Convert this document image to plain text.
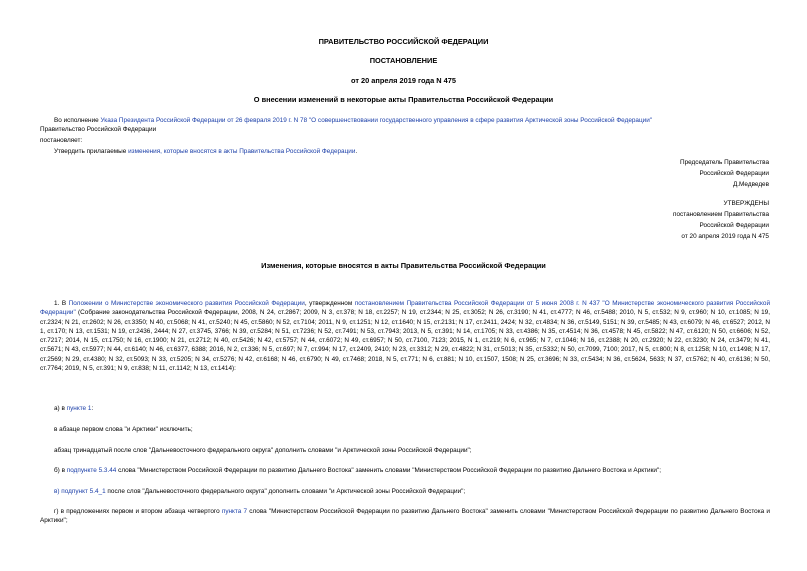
ПРАВИТЕЛЬСТВО РОССИЙСКОЙ ФЕДЕРАЦИИ
ПОСТАНОВЛЕНИЕ
от 20 апреля 2019 года N 475
О внесении изменений в некоторые акты Правительства Российской Федерации
Во исполнение Указа Президента Российской Федерации от 26 февраля 2019 г. N 78 "О совершенствовании государственного управления в сфере развития Арктической зоны Российской Федерации"
Правительство Российской Федерации
постановляет:
Утвердить прилагаемые изменения, которые вносятся в акты Правительства Российской Федерации.
Председатель Правительства
Российской Федерации
Д.Медведев
УТВЕРЖДЕНЫ
постановлением Правительства
Российской Федерации
от 20 апреля 2019 года N 475
Изменения, которые вносятся в акты Правительства Российской Федерации
1. В Положении о Министерстве экономического развития Российской Федерации, утвержденном постановлением Правительства Российской Федерации от 5 июня 2008 г. N 437 "О Министерстве экономического развития Российской Федерации" (Собрание законодательства Российской Федерации, 2008, N 24, ст.2867; 2009, N 3, ст.378; N 18, ст.2257; N 19, ст.2344; N 25, ст.3052; N 26, ст.3190; N 41, ст.4777; N 46, ст.5488; 2010, N 5, ст.532; N 9, ст.960; N 10, ст.1085; N 19, ст.2324; N 21, ст.2602; N 26, ст.3350; N 40, ст.5068; N 41, ст.5240; N 45, ст.5860; N 52, ст.7104; 2011, N 9, ст.1251; N 12, ст.1640; N 15, ст.2131; N 17, ст.2411, 2424; N 32, ст.4834; N 36, ст.5149, 5151; N 39, ст.5485; N 43, ст.6079; N 46, ст.6527; 2012, N 1, ст.170; N 13, ст.1531; N 19, ст.2436, 2444; N 27, ст.3745, 3766; N 39, ст.5284; N 51, ст.7236; N 52, ст.7491; N 53, ст.7943; 2013, N 5, ст.391; N 14, ст.1705; N 33, ст.4386; N 35, ст.4514; N 36, ст.4578; N 45, ст.5822; N 47, ст.6120; N 50, ст.6606; N 52, ст.7217; 2014, N 15, ст.1750; N 16, ст.1900; N 21, ст.2712; N 40, ст.5426; N 42, ст.5757; N 44, ст.6072; N 49, ст.6957; N 50, ст.7100, 7123; 2015, N 1, ст.219; N 6, ст.965; N 7, ст.1046; N 16, ст.2388; N 20, ст.2920; N 22, ст.3230; N 24, ст.3479; N 41, ст.5671; N 43, ст.5977; N 44, ст.6140; N 46, ст.6377, 6388; 2016, N 2, ст.336; N 5, ст.697; N 7, ст.994; N 17, ст.2409, 2410; N 23, ст.3312; N 29, ст.4822; N 31, ст.5013; N 35, ст.5332; N 50, ст.7099, 7100; 2017, N 5, ст.800; N 8, ст.1258; N 10, ст.1498; N 17, ст.2569; N 29, ст.4380; N 32, ст.5093; N 33, ст.5205; N 34, ст.5276; N 42, ст.6168; N 46, ст.6790; N 49, ст.7468; 2018, N 5, ст.771; N 6, ст.881; N 10, ст.1507, 1508; N 25, ст.3696; N 33, ст.5434; N 36, ст.5624, 5633; N 37, ст.5762; N 40, ст.6136; N 50, ст.7764; 2019, N 5, ст.391; N 9, ст.838; N 11, ст.1142; N 13, ст.1414):
а) в пункте 1:
в абзаце первом слова "и Арктики" исключить;
абзац тринадцатый после слов "Дальневосточного федерального округа" дополнить словами "и Арктической зоны Российской Федерации";
б) в подпункте 5.3.44 слова "Министерством Российской Федерации по развитию Дальнего Востока" заменить словами "Министерством Российской Федерации по развитию Дальнего Востока и Арктики";
в) подпункт 5.4_1 после слов "Дальневосточного федерального округа" дополнить словами "и Арктической зоны Российской Федерации";
г) в предложениях первом и втором абзаца четвертого пункта 7 слова "Министерством Российской Федерации по развитию Дальнего Востока" заменить словами "Министерством Российской Федерации по развитию Дальнего Востока и Арктики";
